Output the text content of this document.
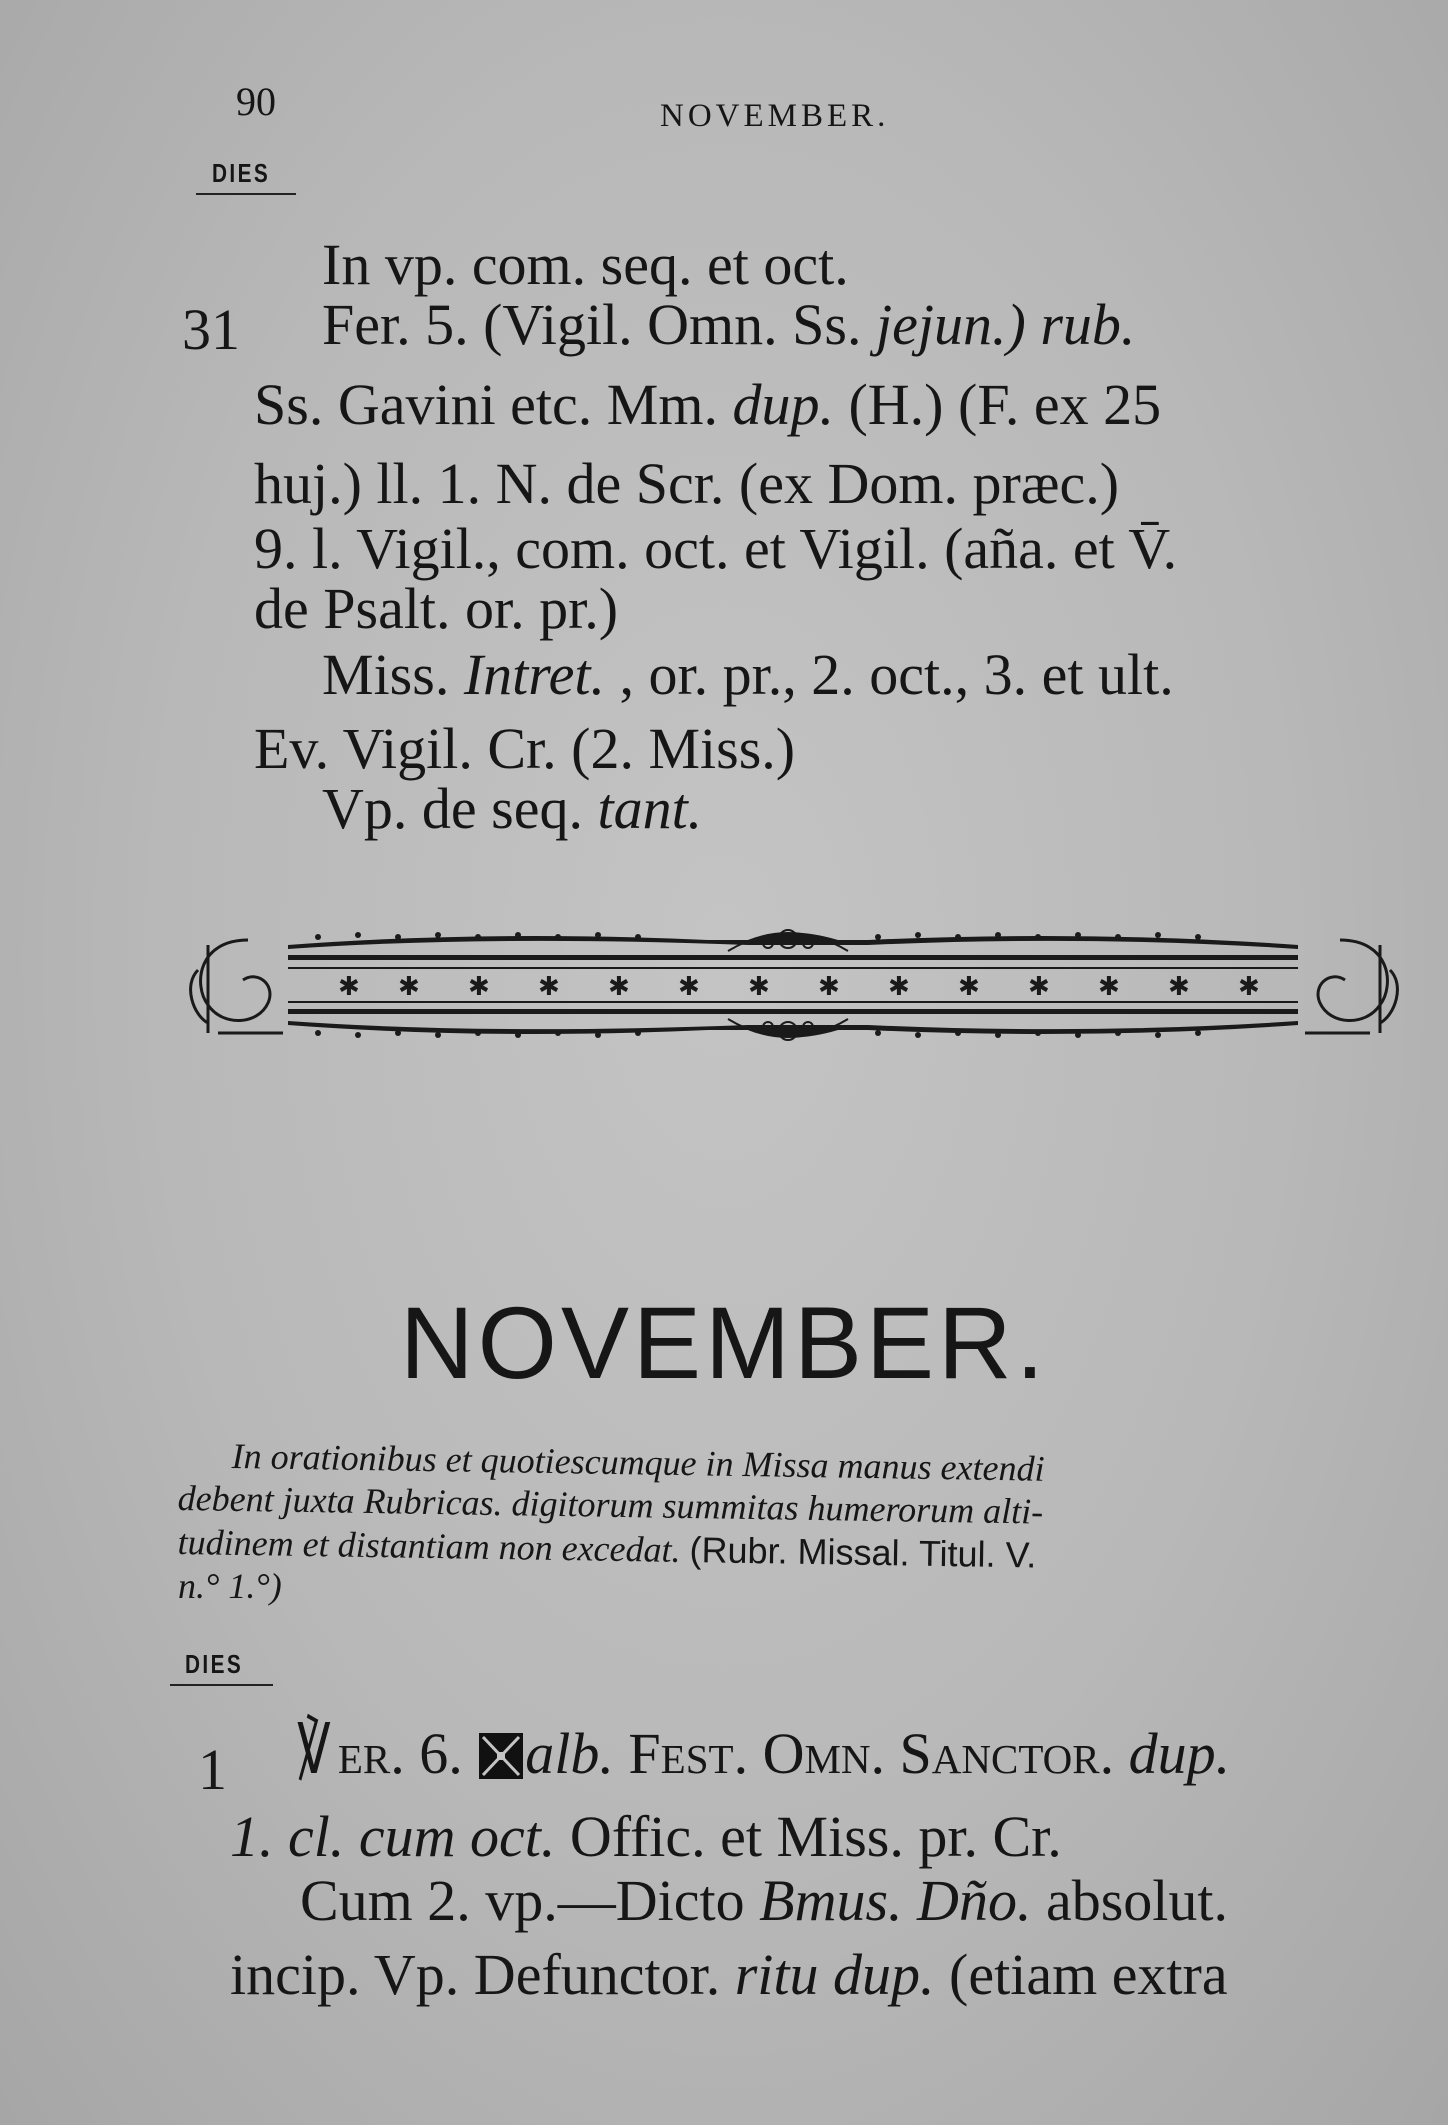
90	NOVEMBER.
DIES
In vp. com. seq. et oct.
31 Fer. 5. (Vigil. Omn. Ss. jejun.) rub.
Ss. Gavini etc. Mm. dup. (H.) (F. ex 25
huj.) ll. 1. N. de Scr. (ex Dom. præc.)
9. l. Vigil., com. oct. et Vigil. (aña. et V̄.
de Psalt. or. pr.)
Miss. Intret. , or. pr., 2. oct., 3. et ult.
Ev. Vigil. Cr. (2. Miss.)
Vp. de seq. tant.
✱ ✱ ✱ ✱ ✱ ✱ ✱ ✱ ✱ ✱ ✱ ✱ ✱ ✱
NOVEMBER.
In orationibus et quotiescumque in Missa manus extendi
debent juxta Rubricas. digitorum summitas humerorum alti-
tudinem et distantiam non excedat. (Rubr. Missal. Titul. V.
n.° 1.°)
DIES
1 ℣ er. 6. alb. Fest. Omn. Sanctor. dup.
1. cl. cum oct. Offic. et Miss. pr. Cr.
Cum 2. vp.—Dicto Bmus. Dño. absolut.
incip. Vp. Defunctor. ritu dup. (etiam extra
